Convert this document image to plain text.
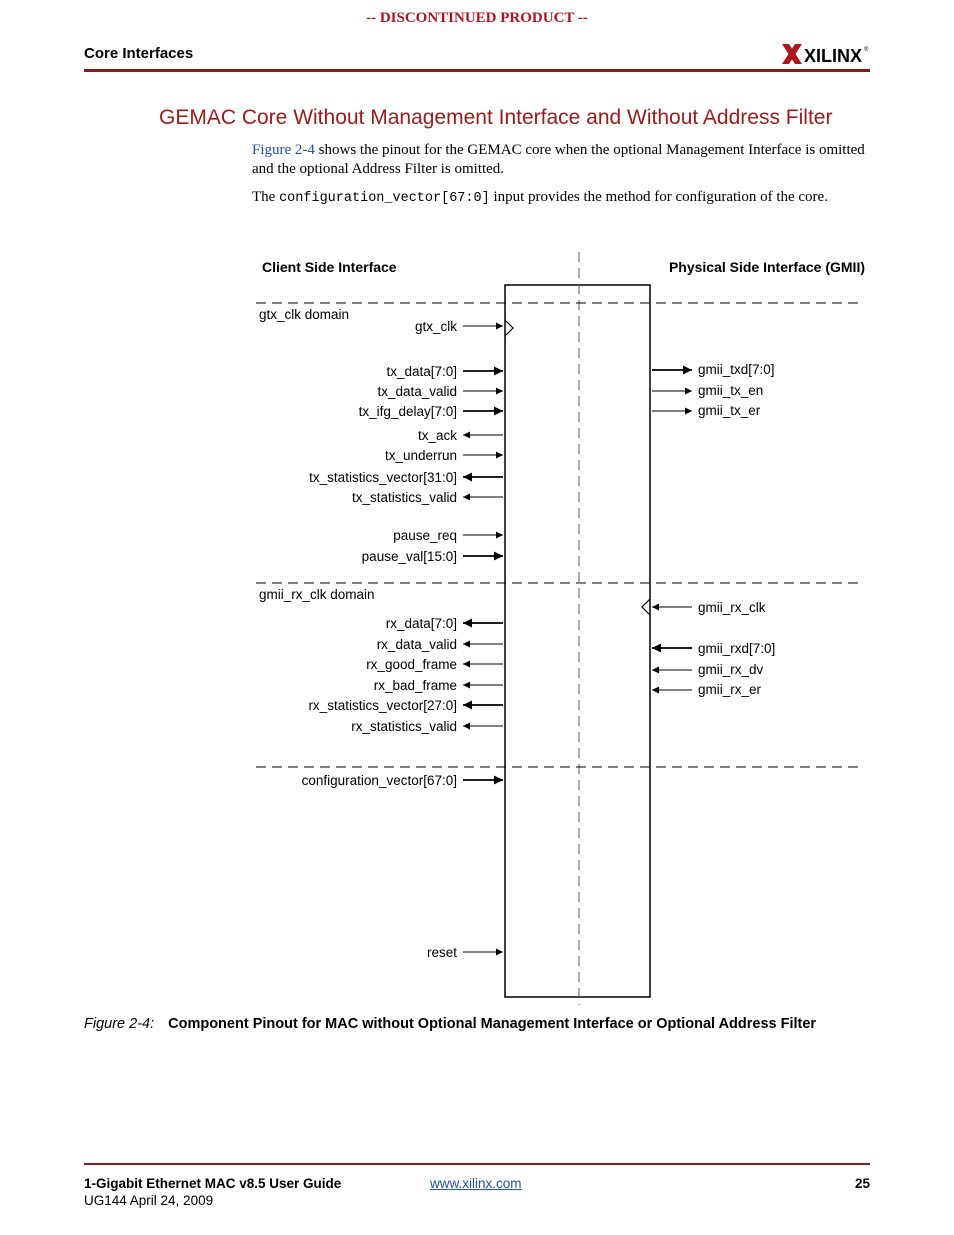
-- DISCONTINUED PRODUCT --
Core Interfaces	XILINX ®
GEMAC Core Without Management Interface and Without Address Filter
Figure 2-4 shows the pinout for the GEMAC core when the optional Management Interface is omitted and the optional Address Filter is omitted.
The configuration_vector[67:0] input provides the method for configuration of the core.
Client Side Interface	Physical Side Interface (GMII)
gtx_clk domain
gmii_rx_clk domain
gtx_clk
tx_data[7:0]
tx_data_valid
tx_ifg_delay[7:0]
tx_ack
tx_underrun
tx_statistics_vector[31:0]
tx_statistics_valid
pause_req
pause_val[15:0]
rx_data[7:0]
rx_data_valid
rx_good_frame
rx_bad_frame
rx_statistics_vector[27:0]
rx_statistics_valid
configuration_vector[67:0]
reset
gmii_txd[7:0]
gmii_tx_en
gmii_tx_er
gmii_rx_clk
gmii_rxd[7:0]
gmii_rx_dv
gmii_rx_er
Figure 2-4: Component Pinout for MAC without Optional Management Interface or Optional Address Filter
1-Gigabit Ethernet MAC v8.5 User Guide
UG144 April 24, 2009
www.xilinx.com	25
